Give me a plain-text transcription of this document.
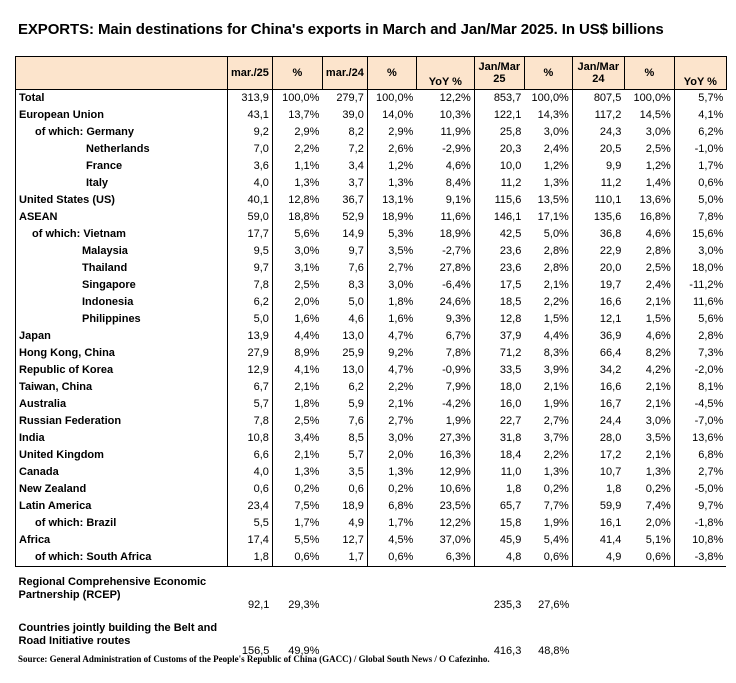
EXPORTS: Main destinations for China's exports in March and Jan/Mar 2025. In US$ billions
	mar./25	%	mar./24	%	YoY %	Jan/Mar 25	%	Jan/Mar 24	%	YoY %
Total	313,9	100,0%	279,7	100,0%	12,2%	853,7	100,0%	807,5	100,0%	5,7%
European Union	43,1	13,7%	39,0	14,0%	10,3%	122,1	14,3%	117,2	14,5%	4,1%
of which: Germany	9,2	2,9%	8,2	2,9%	11,9%	25,8	3,0%	24,3	3,0%	6,2%
Netherlands	7,0	2,2%	7,2	2,6%	-2,9%	20,3	2,4%	20,5	2,5%	-1,0%
France	3,6	1,1%	3,4	1,2%	4,6%	10,0	1,2%	9,9	1,2%	1,7%
Italy	4,0	1,3%	3,7	1,3%	8,4%	11,2	1,3%	11,2	1,4%	0,6%
United States (US)	40,1	12,8%	36,7	13,1%	9,1%	115,6	13,5%	110,1	13,6%	5,0%
ASEAN	59,0	18,8%	52,9	18,9%	11,6%	146,1	17,1%	135,6	16,8%	7,8%
of which: Vietnam	17,7	5,6%	14,9	5,3%	18,9%	42,5	5,0%	36,8	4,6%	15,6%
Malaysia	9,5	3,0%	9,7	3,5%	-2,7%	23,6	2,8%	22,9	2,8%	3,0%
Thailand	9,7	3,1%	7,6	2,7%	27,8%	23,6	2,8%	20,0	2,5%	18,0%
Singapore	7,8	2,5%	8,3	3,0%	-6,4%	17,5	2,1%	19,7	2,4%	-11,2%
Indonesia	6,2	2,0%	5,0	1,8%	24,6%	18,5	2,2%	16,6	2,1%	11,6%
Philippines	5,0	1,6%	4,6	1,6%	9,3%	12,8	1,5%	12,1	1,5%	5,6%
Japan	13,9	4,4%	13,0	4,7%	6,7%	37,9	4,4%	36,9	4,6%	2,8%
Hong Kong, China	27,9	8,9%	25,9	9,2%	7,8%	71,2	8,3%	66,4	8,2%	7,3%
Republic of Korea	12,9	4,1%	13,0	4,7%	-0,9%	33,5	3,9%	34,2	4,2%	-2,0%
Taiwan, China	6,7	2,1%	6,2	2,2%	7,9%	18,0	2,1%	16,6	2,1%	8,1%
Australia	5,7	1,8%	5,9	2,1%	-4,2%	16,0	1,9%	16,7	2,1%	-4,5%
Russian Federation	7,8	2,5%	7,6	2,7%	1,9%	22,7	2,7%	24,4	3,0%	-7,0%
India	10,8	3,4%	8,5	3,0%	27,3%	31,8	3,7%	28,0	3,5%	13,6%
United Kingdom	6,6	2,1%	5,7	2,0%	16,3%	18,4	2,2%	17,2	2,1%	6,8%
Canada	4,0	1,3%	3,5	1,3%	12,9%	11,0	1,3%	10,7	1,3%	2,7%
New Zealand	0,6	0,2%	0,6	0,2%	10,6%	1,8	0,2%	1,8	0,2%	-5,0%
Latin America	23,4	7,5%	18,9	6,8%	23,5%	65,7	7,7%	59,9	7,4%	9,7%
of which: Brazil	5,5	1,7%	4,9	1,7%	12,2%	15,8	1,9%	16,1	2,0%	-1,8%
Africa	17,4	5,5%	12,7	4,5%	37,0%	45,9	5,4%	41,4	5,1%	10,8%
of which: South Africa	1,8	0,6%	1,7	0,6%	6,3%	4,8	0,6%	4,9	0,6%	-3,8%

Regional Comprehensive Economic Partnership (RCEP)	92,1	29,3%				235,3	27,6%			

Countries jointly building the Belt and Road Initiative routes	156,5	49,9%				416,3	48,8%			
Source: General Administration of Customs of the People's Republic of China (GACC) / Global South News / O Cafezinho.
